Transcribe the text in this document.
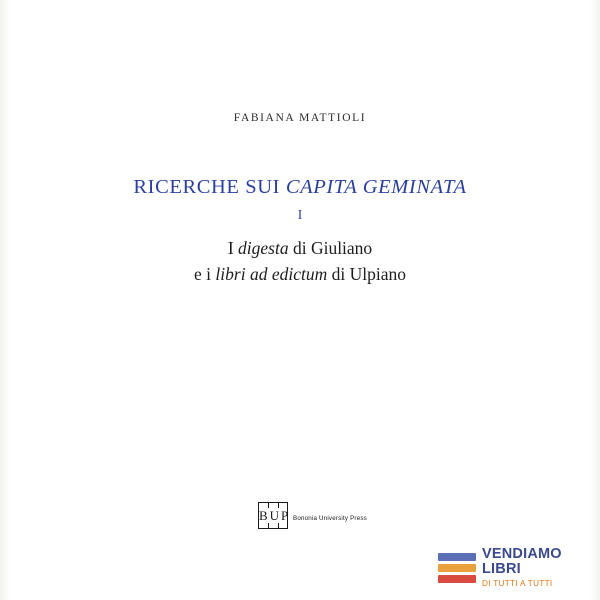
FABIANA MATTIOLI
RICERCHE SUI CAPITA GEMINATA
I
I digesta di Giuliano
e i libri ad edictum di Ulpiano
BUP Bononia University Press
VENDIAMO
LIBRI
DI TUTTI A TUTTI
